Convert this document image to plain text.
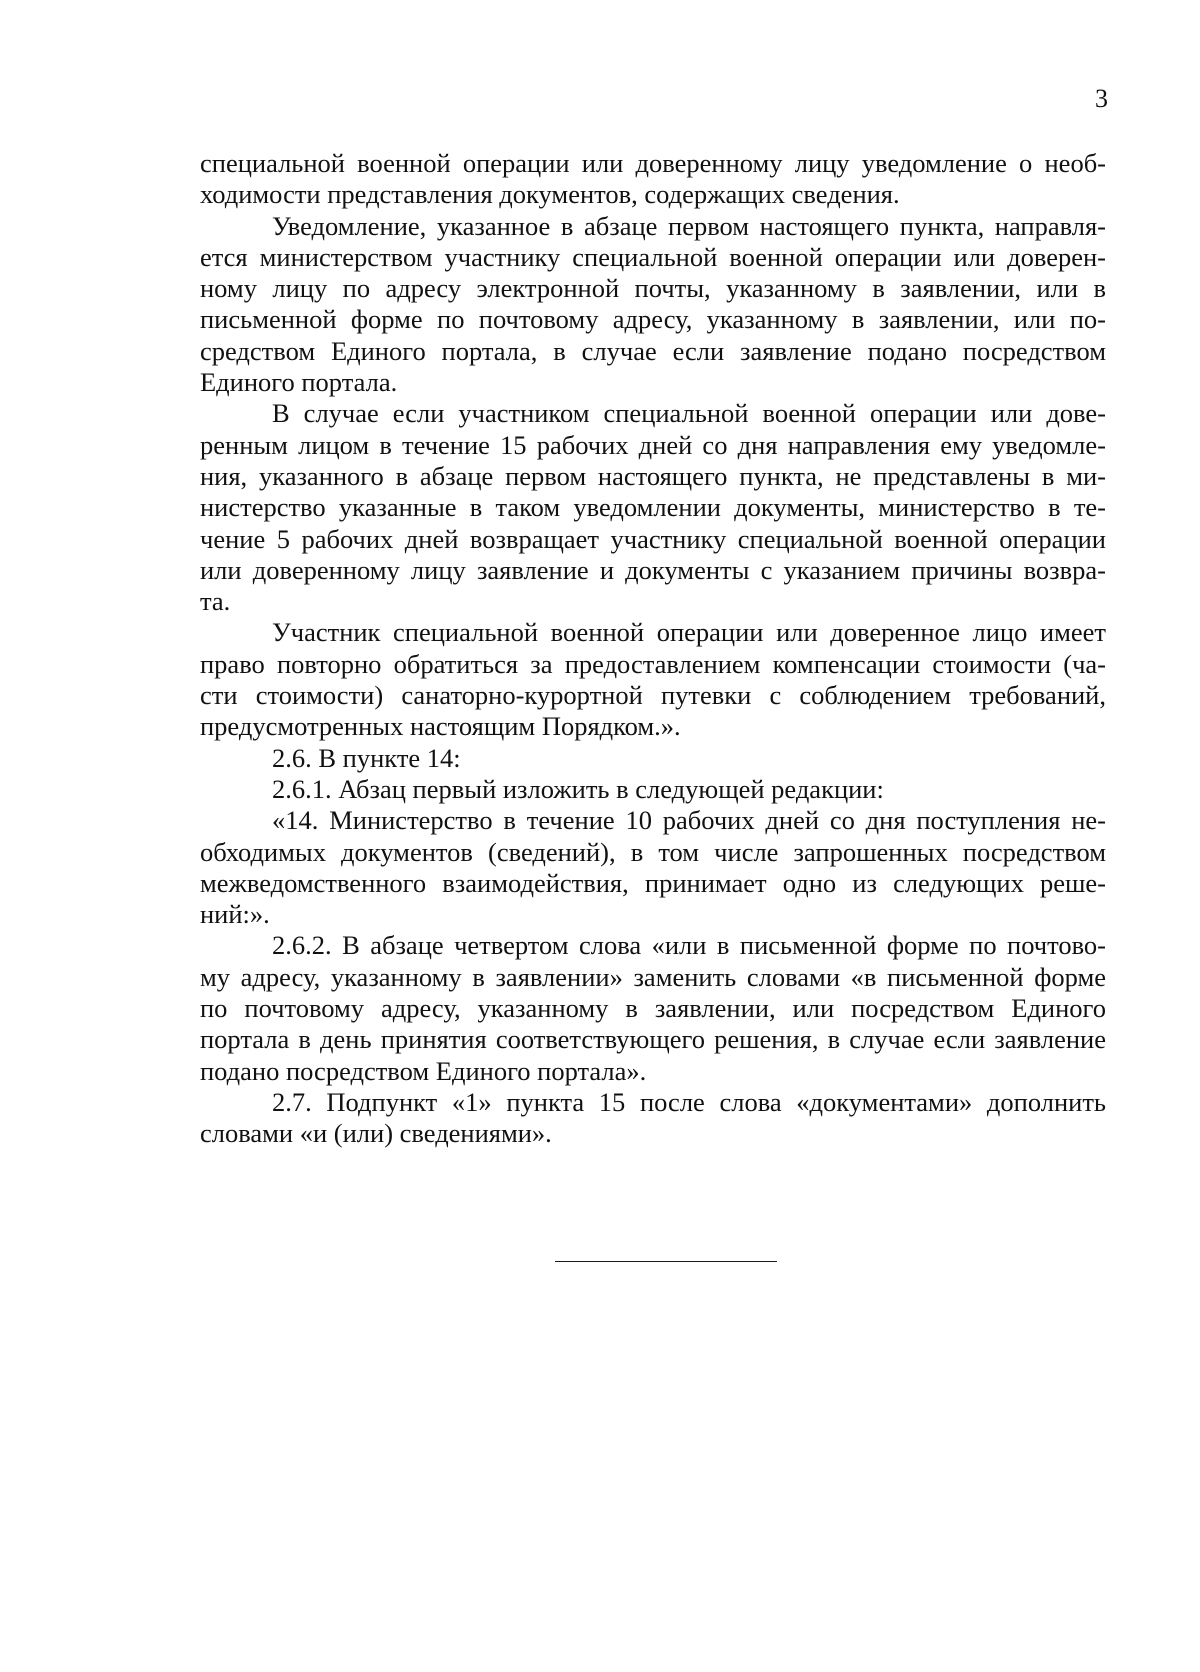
3
специальной военной операции или доверенному лицу уведомление о необ-
ходимости представления документов, содержащих сведения.
Уведомление, указанное в абзаце первом настоящего пункта, направля-
ется министерством участнику специальной военной операции или доверен-
ному лицу по адресу электронной почты, указанному в заявлении, или в
письменной форме по почтовому адресу, указанному в заявлении, или по-
средством Единого портала, в случае если заявление подано посредством
Единого портала.
В случае если участником специальной военной операции или дове-
ренным лицом в течение 15 рабочих дней со дня направления ему уведомле-
ния, указанного в абзаце первом настоящего пункта, не представлены в ми-
нистерство указанные в таком уведомлении документы, министерство в те-
чение 5 рабочих дней возвращает участнику специальной военной операции
или доверенному лицу заявление и документы с указанием причины возвра-
та.
Участник специальной военной операции или доверенное лицо имеет
право повторно обратиться за предоставлением компенсации стоимости (ча-
сти стоимости) санаторно-курортной путевки с соблюдением требований,
предусмотренных настоящим Порядком.».
2.6. В пункте 14:
2.6.1. Абзац первый изложить в следующей редакции:
«14. Министерство в течение 10 рабочих дней со дня поступления не-
обходимых документов (сведений), в том числе запрошенных посредством
межведомственного взаимодействия, принимает одно из следующих реше-
ний:».
2.6.2. В абзаце четвертом слова «или в письменной форме по почтово-
му адресу, указанному в заявлении» заменить словами «в письменной форме
по почтовому адресу, указанному в заявлении, или посредством Единого
портала в день принятия соответствующего решения, в случае если заявление
подано посредством Единого портала».
2.7. Подпункт «1» пункта 15 после слова «документами» дополнить
словами «и (или) сведениями».
